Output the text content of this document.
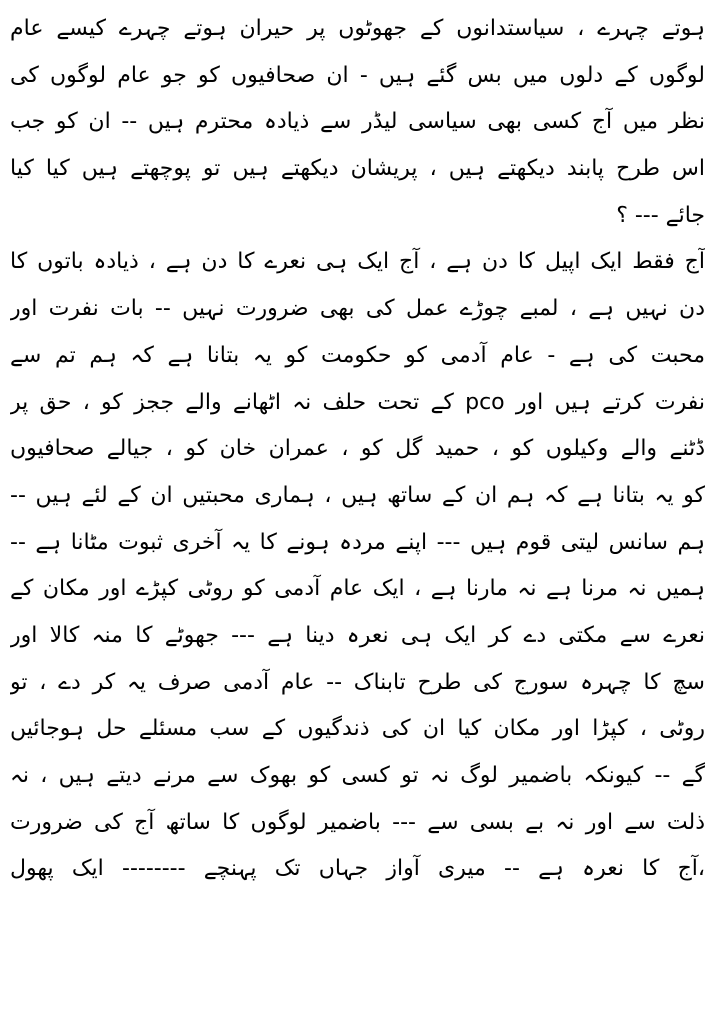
ہوتے چہرے ، سیاستدانوں کے جھوٹوں پر حیران ہوتے چہرے کیسے عام
لوگوں کے دلوں میں بس گئے ہیں - ان صحافیوں کو جو عام لوگوں کی
نظر میں آج کسی بھی سیاسی لیڈر سے ذیادہ محترم ہیں -- ان کو جب
اس طرح پابند دیکھتے ہیں ، پریشان دیکھتے ہیں تو پوچھتے ہیں کیا کیا
جائے --- ؟
آج فقط ایک اپیل کا دن ہے ، آج ایک ہی نعرے کا دن ہے ، ذیادہ باتوں کا
دن نہیں ہے ، لمبے چوڑے عمل کی بھی ضرورت نہیں -- بات نفرت اور
محبت کی ہے - عام آدمی کو حکومت کو یہ بتانا ہے کہ ہم تم سے
نفرت کرتے ہیں اور pco کے تحت حلف نہ اٹھانے والے ججز کو ، حق پر
ڈٹنے والے وکیلوں کو ، حمید گل کو ، عمران خان کو ، جیالے صحافیوں
کو یہ بتانا ہے کہ ہم ان کے ساتھ ہیں ، ہماری محبتیں ان کے لئے ہیں --
ہم سانس لیتی قوم ہیں --- اپنے مردہ ہونے کا یہ آخری ثبوت مٹانا ہے --
ہمیں نہ مرنا ہے نہ مارنا ہے ، ایک عام آدمی کو روٹی کپڑے اور مکان کے
نعرے سے مکتی دے کر ایک ہی نعرہ دینا ہے --- جھوٹے کا منہ کالا اور
سچ کا چہرہ سورج کی طرح تابناک -- عام آدمی صرف یہ کر دے ، تو
روٹی ، کپڑا اور مکان کیا ان کی ذندگیوں کے سب مسئلے حل ہوجائیں
گے -- کیونکہ باضمیر لوگ نہ تو کسی کو بھوک سے مرنے دیتے ہیں ، نہ
ذلت سے اور نہ بے بسی سے --- باضمیر لوگوں کا ساتھ آج کی ضرورت
،آج کا نعرہ ہے -- میری آواز جہاں تک پہنچے -------- ایک پھول
